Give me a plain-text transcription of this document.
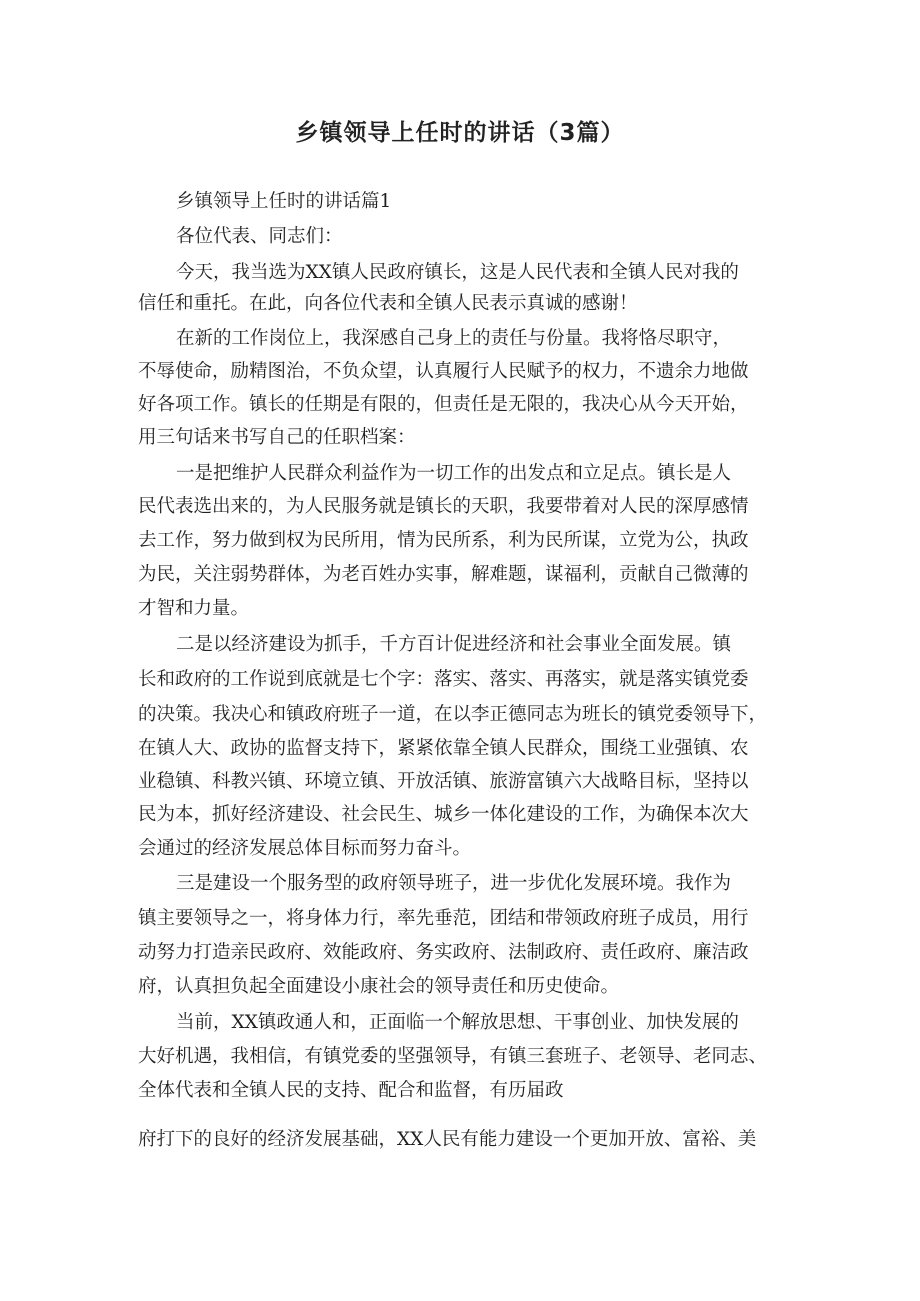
乡镇领导上任时的讲话（3篇）
乡镇领导上任时的讲话篇1
各位代表、同志们：
今天，我当选为XX镇人民政府镇长，这是人民代表和全镇人民对我的
信任和重托。在此，向各位代表和全镇人民表示真诚的感谢！
在新的工作岗位上，我深感自己身上的责任与份量。我将恪尽职守，
不辱使命，励精图治，不负众望，认真履行人民赋予的权力，不遗余力地做
好各项工作。镇长的任期是有限的，但责任是无限的，我决心从今天开始，
用三句话来书写自己的任职档案：
一是把维护人民群众利益作为一切工作的出发点和立足点。镇长是人
民代表选出来的，为人民服务就是镇长的天职，我要带着对人民的深厚感情
去工作，努力做到权为民所用，情为民所系，利为民所谋，立党为公，执政
为民，关注弱势群体，为老百姓办实事，解难题，谋福利，贡献自己微薄的
才智和力量。
二是以经济建设为抓手，千方百计促进经济和社会事业全面发展。镇
长和政府的工作说到底就是七个字：落实、落实、再落实，就是落实镇党委
的决策。我决心和镇政府班子一道，在以李正德同志为班长的镇党委领导下，
在镇人大、政协的监督支持下，紧紧依靠全镇人民群众，围绕工业强镇、农
业稳镇、科教兴镇、环境立镇、开放活镇、旅游富镇六大战略目标，坚持以
民为本，抓好经济建设、社会民生、城乡一体化建设的工作，为确保本次大
会通过的经济发展总体目标而努力奋斗。
三是建设一个服务型的政府领导班子，进一步优化发展环境。我作为
镇主要领导之一，将身体力行，率先垂范，团结和带领政府班子成员，用行
动努力打造亲民政府、效能政府、务实政府、法制政府、责任政府、廉洁政
府，认真担负起全面建设小康社会的领导责任和历史使命。
当前，XX镇政通人和，正面临一个解放思想、干事创业、加快发展的
大好机遇，我相信，有镇党委的坚强领导，有镇三套班子、老领导、老同志、
全体代表和全镇人民的支持、配合和监督，有历届政
府打下的良好的经济发展基础，XX人民有能力建设一个更加开放、富裕、美
